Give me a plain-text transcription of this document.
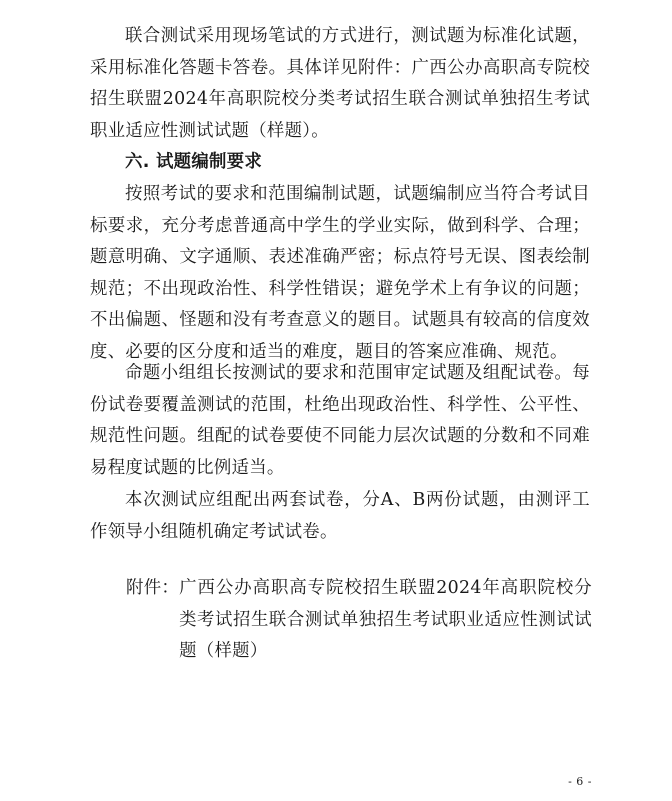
联合测试采用现场笔试的方式进行，测试题为标准化试题，采用标准化答题卡答卷。具体详见附件：广西公办高职高专院校招生联盟2024年高职院校分类考试招生联合测试单独招生考试职业适应性测试试题（样题）。

六. 试题编制要求

按照考试的要求和范围编制试题，试题编制应当符合考试目标要求，充分考虑普通高中学生的学业实际，做到科学、合理；题意明确、文字通顺、表述准确严密；标点符号无误、图表绘制规范；不出现政治性、科学性错误；避免学术上有争议的问题；不出偏题、怪题和没有考查意义的题目。试题具有较高的信度效度、必要的区分度和适当的难度，题目的答案应准确、规范。

命题小组组长按测试的要求和范围审定试题及组配试卷。每份试卷要覆盖测试的范围，杜绝出现政治性、科学性、公平性、规范性问题。组配的试卷要使不同能力层次试题的分数和不同难易程度试题的比例适当。

本次测试应组配出两套试卷，分A、B两份试题，由测评工作领导小组随机确定考试试卷。

附件： 广西公办高职高专院校招生联盟2024年高职院校分类考试招生联合测试单独招生考试职业适应性测试试题（样题）
- 6 -
